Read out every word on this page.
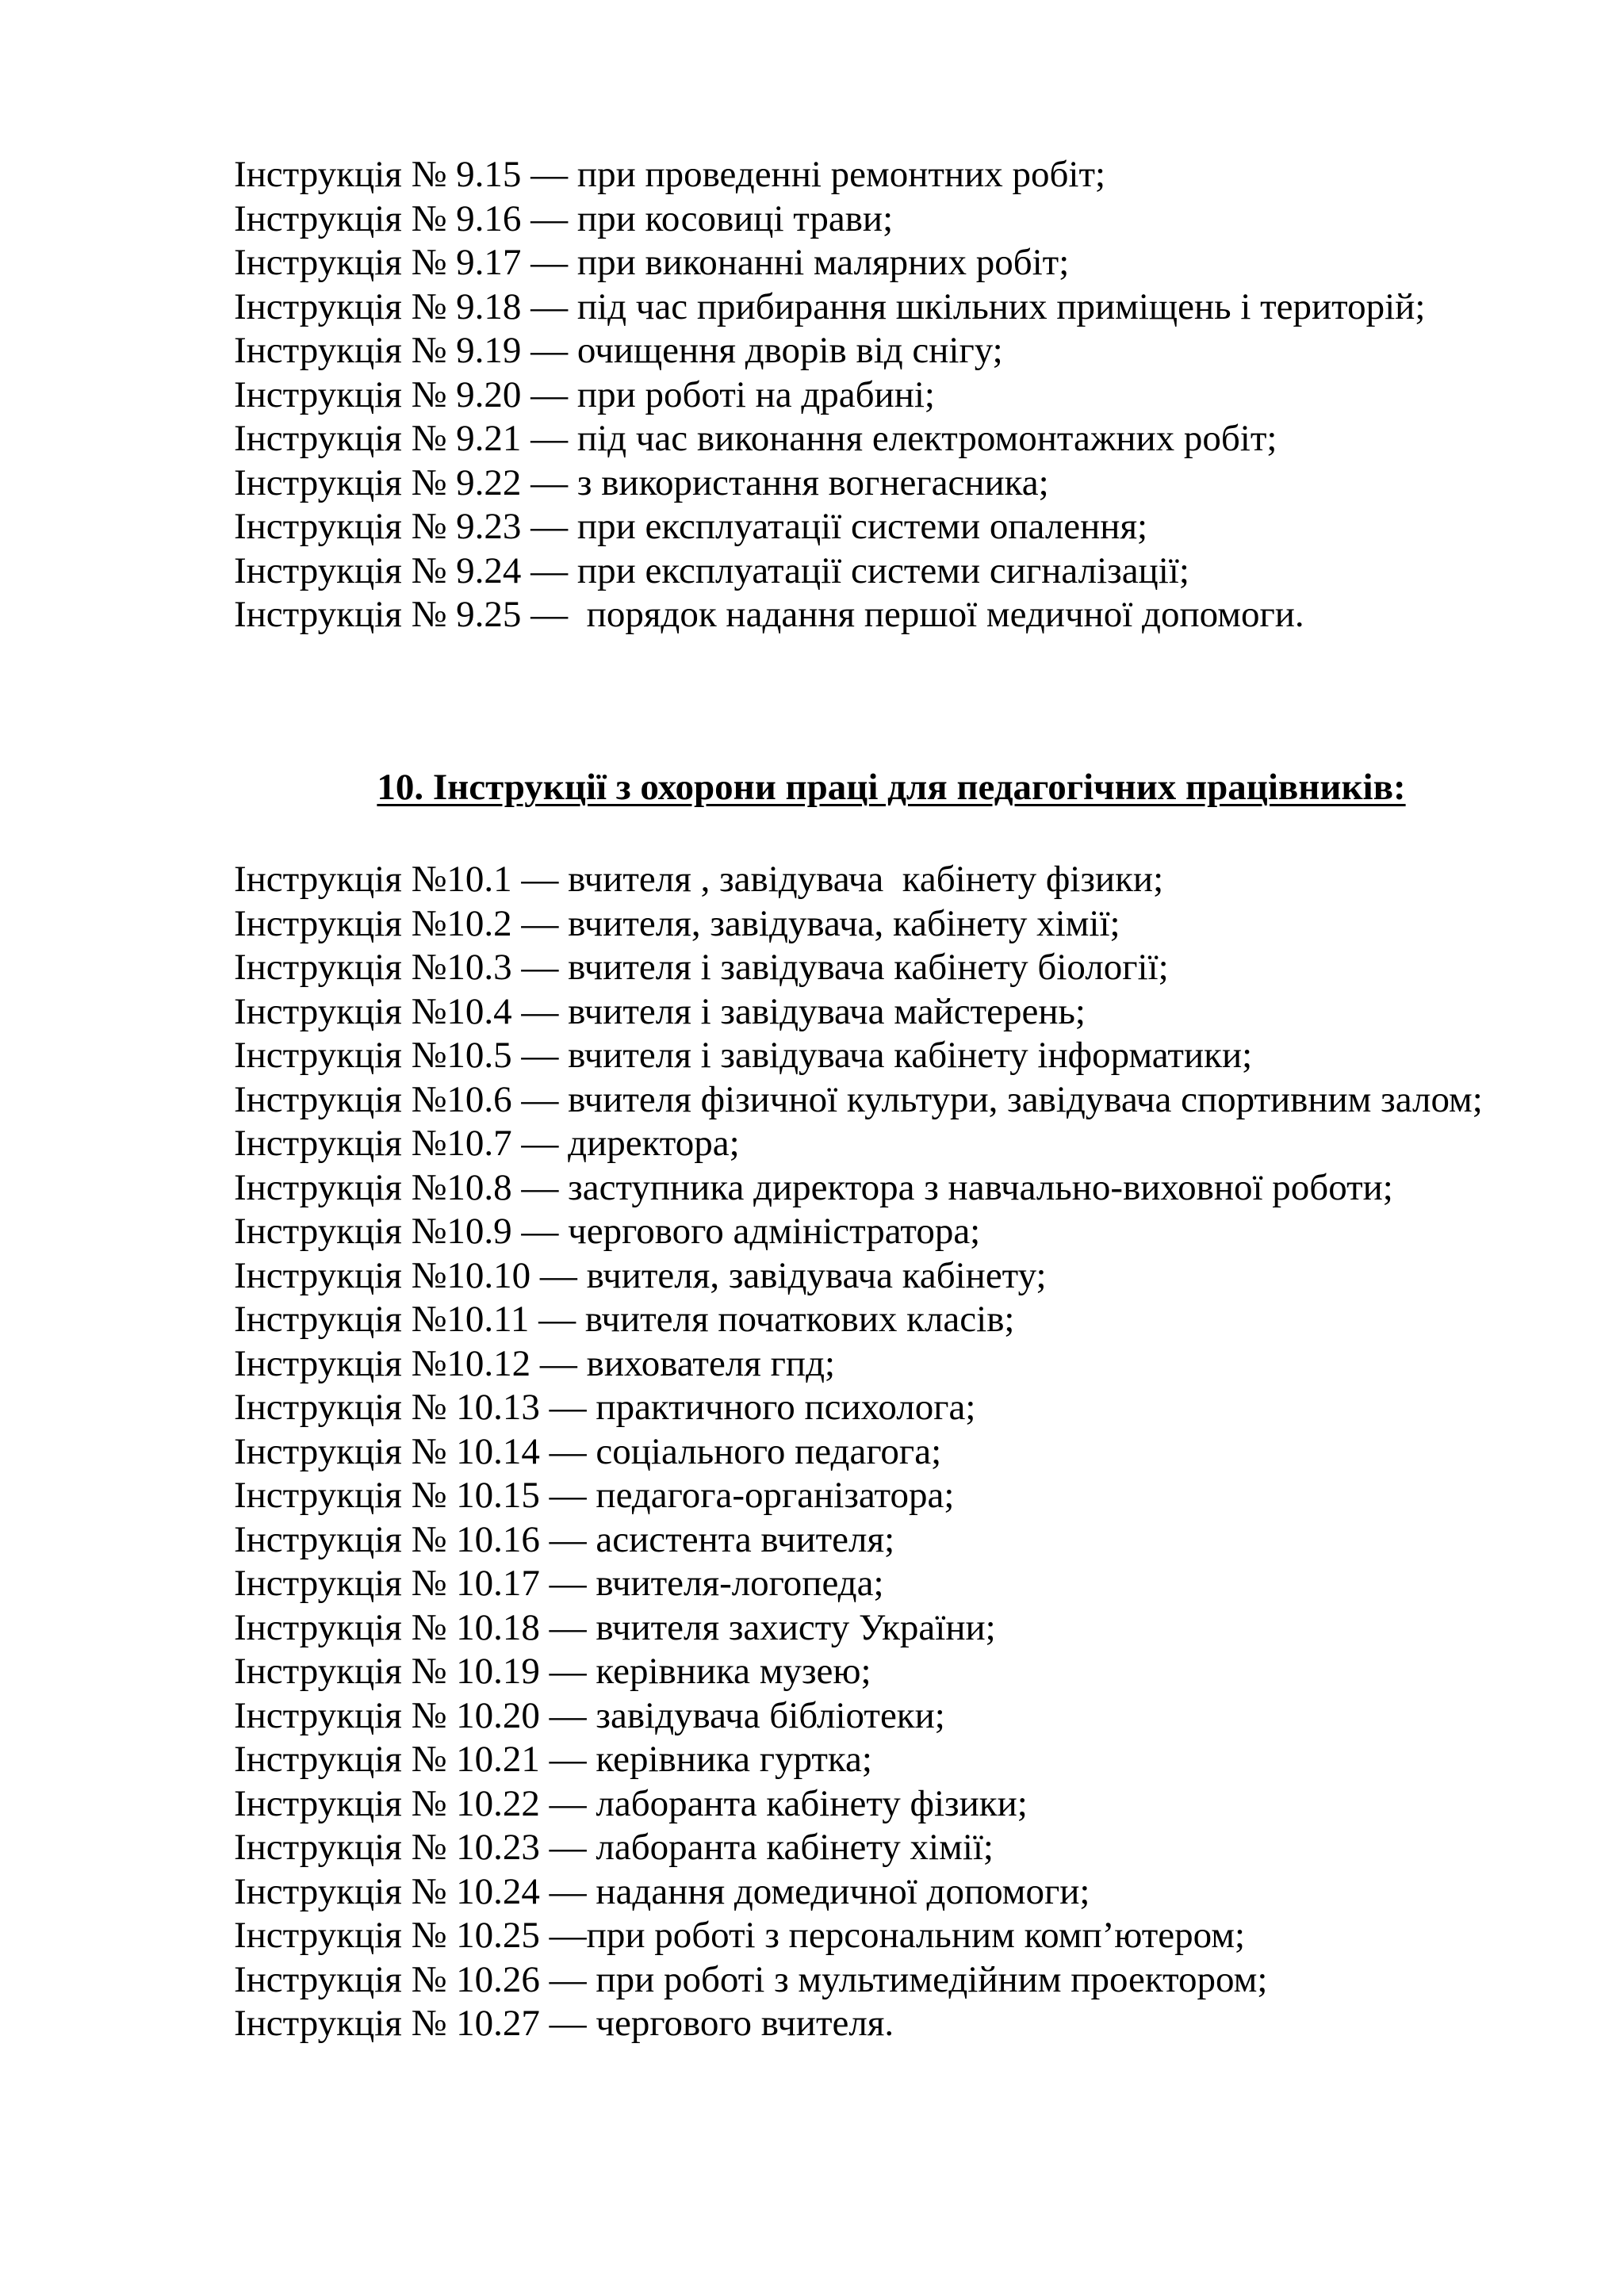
Інструкція № 9.15 — при проведенні ремонтних робіт;
Інструкція № 9.16 — при косовиці трави;
Інструкція № 9.17 — при виконанні малярних робіт;
Інструкція № 9.18 — під час прибирання шкільних приміщень і територій;
Інструкція № 9.19 — очищення дворів від снігу;
Інструкція № 9.20 — при роботі на драбині;
Інструкція № 9.21 — під час виконання електромонтажних робіт;
Інструкція № 9.22 — з використання вогнегасника;
Інструкція № 9.23 — при експлуатації системи опалення;
Інструкція № 9.24 — при експлуатації системи сигналізації;
Інструкція № 9.25 —  порядок надання першої медичної допомоги.
10. Інструкції з охорони праці для педагогічних працівників:
Інструкція №10.1 — вчителя , завідувача  кабінету фізики;
Інструкція №10.2 — вчителя, завідувача, кабінету хімії;
Інструкція №10.3 — вчителя і завідувача кабінету біології;
Інструкція №10.4 — вчителя і завідувача майстерень;
Інструкція №10.5 — вчителя і завідувача кабінету інформатики;
Інструкція №10.6 — вчителя фізичної культури, завідувача спортивним залом;
Інструкція №10.7 — директора;
Інструкція №10.8 — заступника директора з навчально-виховної роботи;
Інструкція №10.9 — чергового адміністратора;
Інструкція №10.10 — вчителя, завідувача кабінету;
Інструкція №10.11 — вчителя початкових класів;
Інструкція №10.12 — вихователя гпд;
Інструкція № 10.13 — практичного психолога;
Інструкція № 10.14 — соціального педагога;
Інструкція № 10.15 — педагога-організатора;
Інструкція № 10.16 — асистента вчителя;
Інструкція № 10.17 — вчителя-логопеда;
Інструкція № 10.18 — вчителя захисту України;
Інструкція № 10.19 — керівника музею;
Інструкція № 10.20 — завідувача бібліотеки;
Інструкція № 10.21 — керівника гуртка;
Інструкція № 10.22 — лаборанта кабінету фізики;
Інструкція № 10.23 — лаборанта кабінету хімії;
Інструкція № 10.24 — надання домедичної допомоги;
Інструкція № 10.25 —при роботі з персональним комп’ютером;
Інструкція № 10.26 — при роботі з мультимедійним проектором;
Інструкція № 10.27 — чергового вчителя.
